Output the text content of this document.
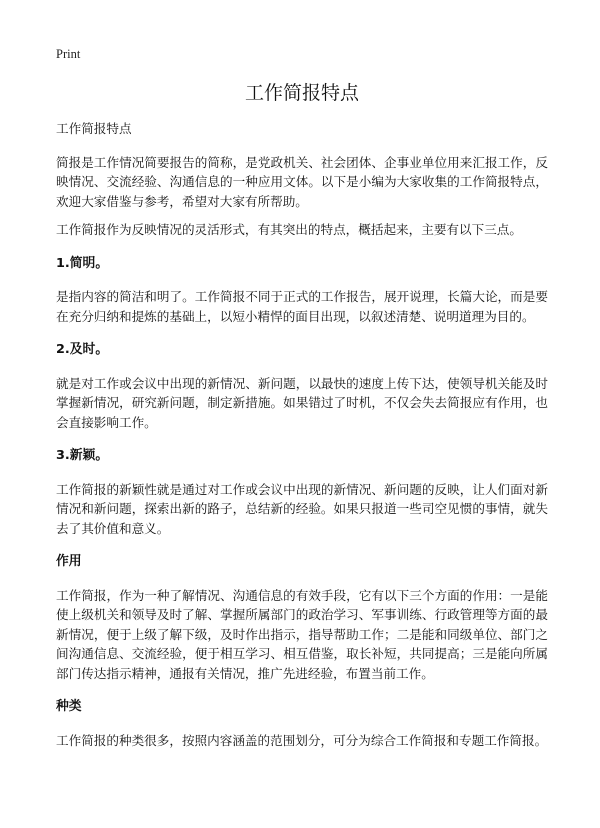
Print
工作简报特点

工作简报特点

简报是工作情况简要报告的简称，是党政机关、社会团体、企事业单位用来汇报工作，反映情况、交流经验、沟通信息的一种应用文体。以下是小编为大家收集的工作简报特点，欢迎大家借鉴与参考，希望对大家有所帮助。

工作简报作为反映情况的灵活形式，有其突出的特点，概括起来，主要有以下三点。

1.简明。

是指内容的简洁和明了。工作简报不同于正式的工作报告，展开说理，长篇大论，而是要在充分归纳和提炼的基础上，以短小精悍的面目出现，以叙述清楚、说明道理为目的。

2.及时。

就是对工作或会议中出现的新情况、新问题，以最快的速度上传下达，使领导机关能及时掌握新情况，研究新问题，制定新措施。如果错过了时机，不仅会失去简报应有作用，也会直接影响工作。

3.新颖。

工作简报的新颖性就是通过对工作或会议中出现的新情况、新问题的反映，让人们面对新情况和新问题，探索出新的路子，总结新的经验。如果只报道一些司空见惯的事情，就失去了其价值和意义。

作用

工作简报，作为一种了解情况、沟通信息的有效手段，它有以下三个方面的作用：一是能使上级机关和领导及时了解、掌握所属部门的政治学习、军事训练、行政管理等方面的最新情况，便于上级了解下级，及时作出指示，指导帮助工作；二是能和同级单位、部门之间沟通信息、交流经验，便于相互学习、相互借鉴，取长补短，共同提高；三是能向所属部门传达指示精神，通报有关情况，推广先进经验，布置当前工作。

种类

工作简报的种类很多，按照内容涵盖的范围划分，可分为综合工作简报和专题工作简报。
